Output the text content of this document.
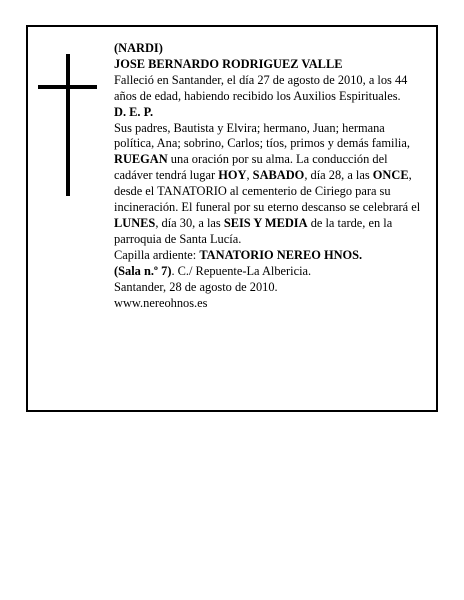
(NARDI)

JOSE BERNARDO RODRIGUEZ VALLE

Falleció en Santander, el día 27 de agosto de 2010, a los 44 años de edad, habiendo recibido los Auxilios Espirituales.

D. E. P.

Sus padres, Bautista y Elvira; hermano, Juan; hermana política, Ana; sobrino, Carlos; tíos, primos y demás familia,

RUEGAN una oración por su alma. La conducción del cadáver tendrá lugar HOY, SABADO, día 28, a las ONCE, desde el TANATORIO al cementerio de Ciriego para su incineración. El funeral por su eterno descanso se celebrará el LUNES, día 30, a las SEIS Y MEDIA de la tarde, en la parroquia de Santa Lucía.

Capilla ardiente: TANATORIO NEREO HNOS.

(Sala n.º 7). C./ Repuente-La Albericia.

Santander, 28 de agosto de 2010.

www.nereohnos.es
